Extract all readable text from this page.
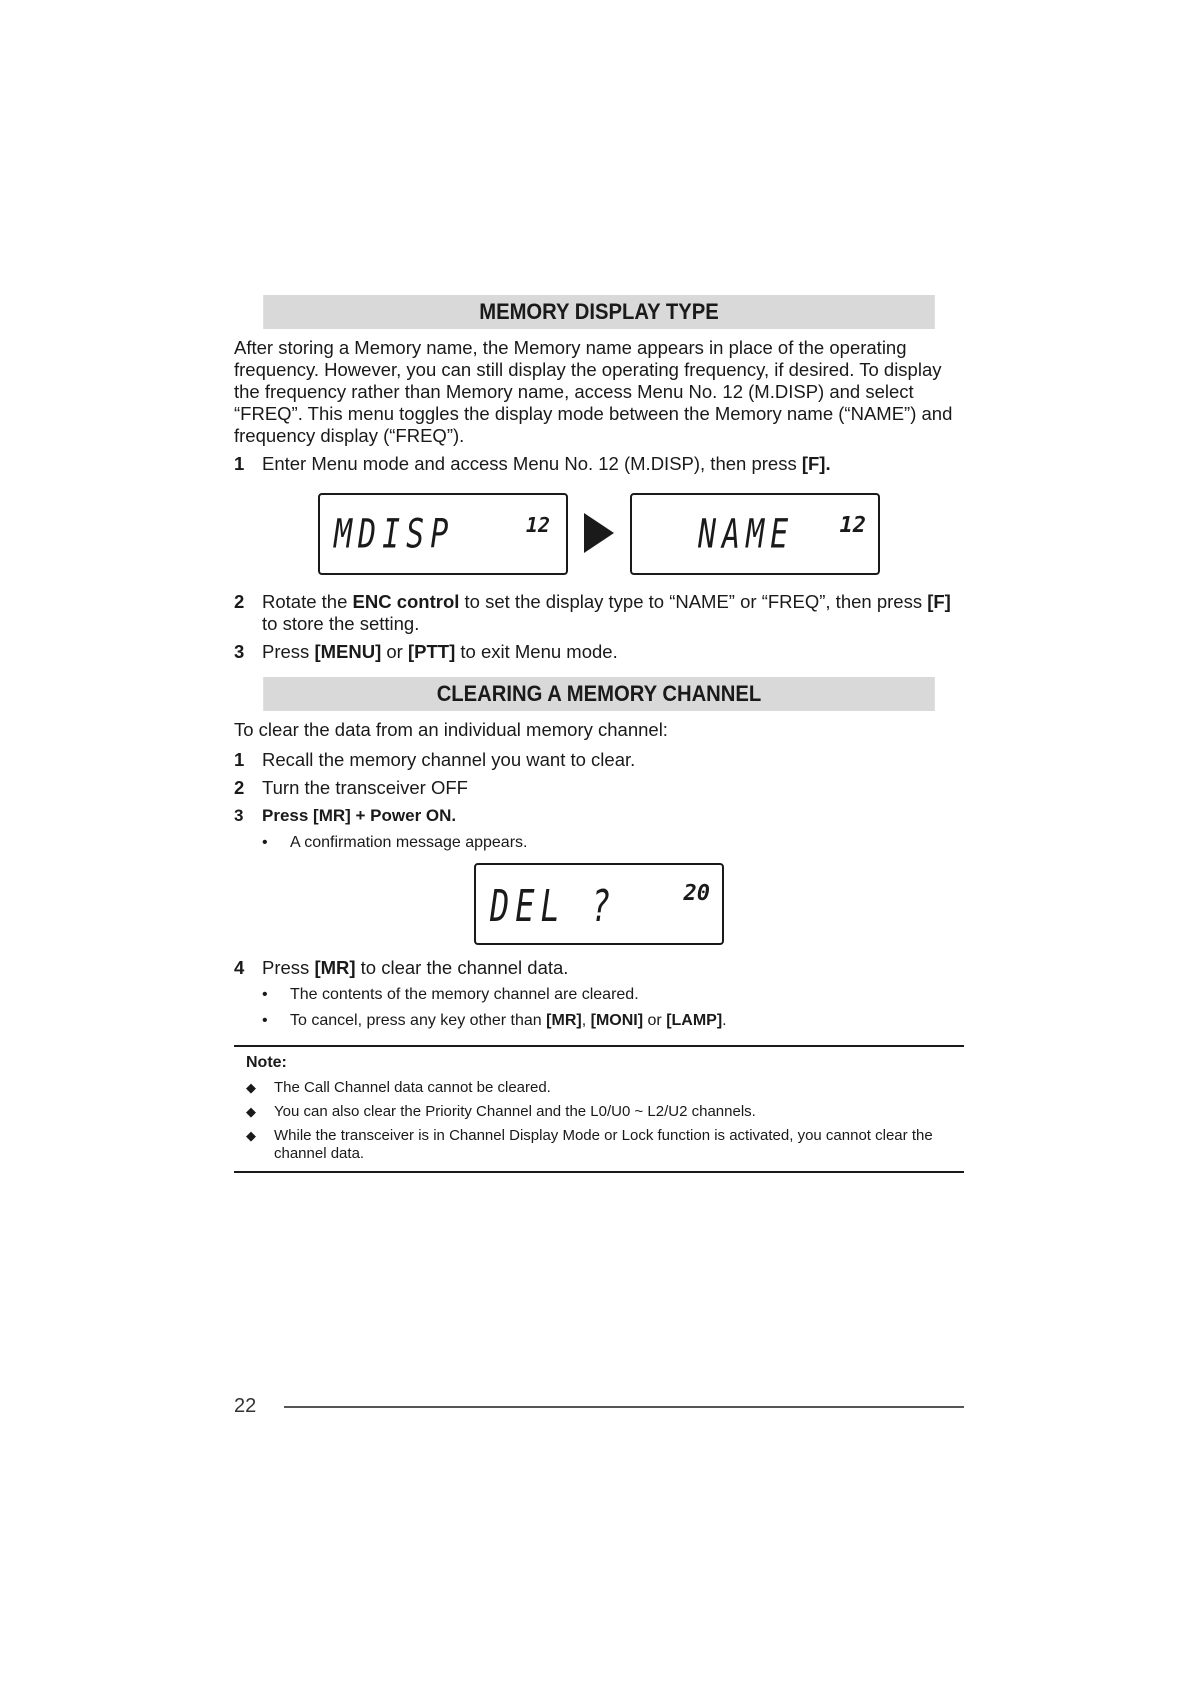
MEMORY DISPLAY TYPE
After storing a Memory name, the Memory name appears in place of the operating frequency. However, you can still display the operating frequency, if desired. To display the frequency rather than Memory name, access Menu No. 12 (M.DISP) and select “FREQ”. This menu toggles the display mode between the Memory name (“NAME”) and frequency display (“FREQ”).
1 Enter Menu mode and access Menu No. 12 (M.DISP), then press [F].
MDISP	12	NAME 12
2 Rotate the ENC control to set the display type to “NAME” or “FREQ”, then press [F] to store the setting.
3 Press [MENU] or [PTT] to exit Menu mode.
CLEARING A MEMORY CHANNEL
To clear the data from an individual memory channel:
1 Recall the memory channel you want to clear.
2 Turn the transceiver OFF
3	Press [MR] + Power ON.
•	A confirmation message appears.
DEL ?	20
4 Press [MR] to clear the channel data.
•	The contents of the memory channel are cleared.
•	To cancel, press any key other than [MR], [MONI] or [LAMP].
Note:
◆	The Call Channel data cannot be cleared.
◆	You can also clear the Priority Channel and the L0/U0 ~ L2/U2 channels.
◆	While the transceiver is in Channel Display Mode or Lock function is activated, you cannot clear the channel data.
22
